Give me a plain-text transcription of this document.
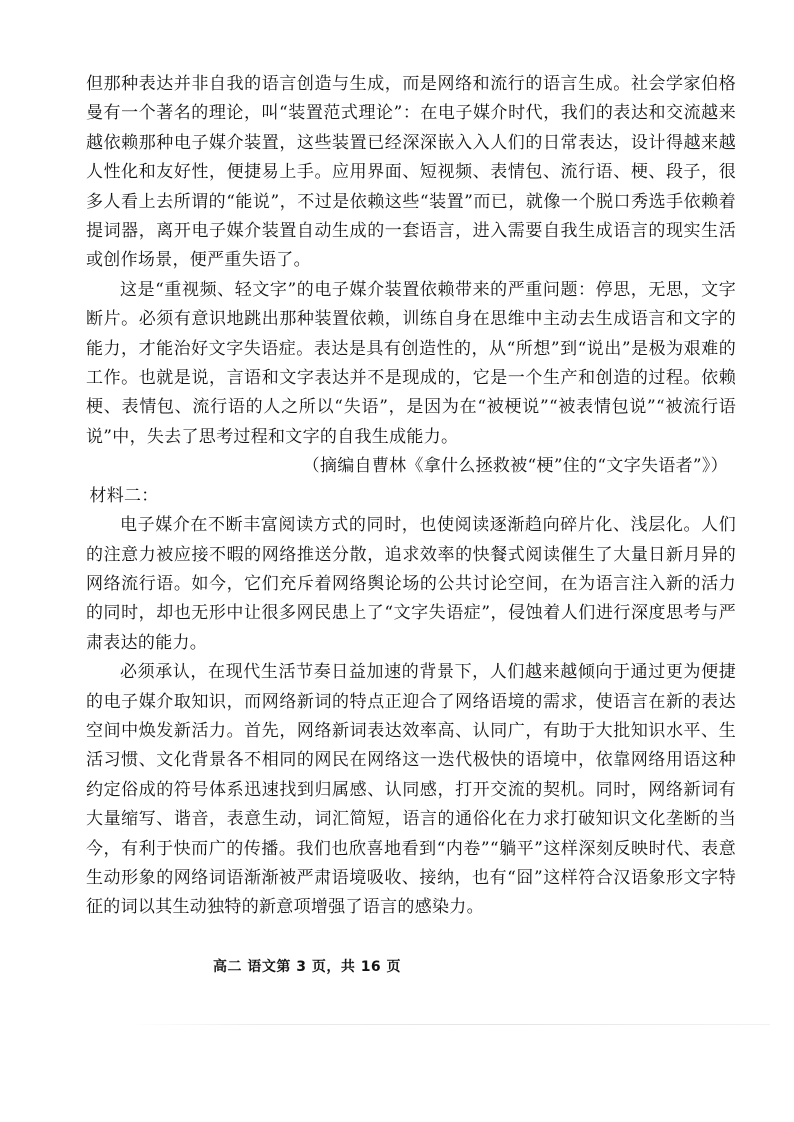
但那种表达并非自我的语言创造与生成，而是网络和流行的语言生成。社会学家伯格曼有一个著名的理论，叫“装置范式理论”：在电子媒介时代，我们的表达和交流越来越依赖那种电子媒介装置，这些装置已经深深嵌入入人们的日常表达，设计得越来越人性化和友好性，便捷易上手。应用界面、短视频、表情包、流行语、梗、段子，很多人看上去所谓的“能说”，不过是依赖这些“装置”而已，就像一个脱口秀选手依赖着提词器，离开电子媒介装置自动生成的一套语言，进入需要自我生成语言的现实生活或创作场景，便严重失语了。

这是“重视频、轻文字”的电子媒介装置依赖带来的严重问题：停思，无思，文字断片。必须有意识地跳出那种装置依赖，训练自身在思维中主动去生成语言和文字的能力，才能治好文字失语症。表达是具有创造性的，从“所想”到“说出”是极为艰难的工作。也就是说，言语和文字表达并不是现成的，它是一个生产和创造的过程。依赖梗、表情包、流行语的人之所以“失语”，是因为在“被梗说”“被表情包说”“被流行语说”中，失去了思考过程和文字的自我生成能力。

（摘编自曹林《拿什么拯救被“梗”住的“文字失语者”》）

材料二：

电子媒介在不断丰富阅读方式的同时，也使阅读逐渐趋向碎片化、浅层化。人们的注意力被应接不暇的网络推送分散，追求效率的快餐式阅读催生了大量日新月异的网络流行语。如今，它们充斥着网络舆论场的公共讨论空间，在为语言注入新的活力的同时，却也无形中让很多网民患上了“文字失语症”，侵蚀着人们进行深度思考与严肃表达的能力。

必须承认，在现代生活节奏日益加速的背景下，人们越来越倾向于通过更为便捷的电子媒介取知识，而网络新词的特点正迎合了网络语境的需求，使语言在新的表达空间中焕发新活力。首先，网络新词表达效率高、认同广，有助于大批知识水平、生活习惯、文化背景各不相同的网民在网络这一迭代极快的语境中，依靠网络用语这种约定俗成的符号体系迅速找到归属感、认同感，打开交流的契机。同时，网络新词有大量缩写、谐音，表意生动，词汇简短，语言的通俗化在力求打破知识文化垄断的当今，有利于快而广的传播。我们也欣喜地看到“内卷”“躺平”这样深刻反映时代、表意生动形象的网络词语渐渐被严肃语境吸收、接纳，也有“囧”这样符合汉语象形文字特征的词以其生动独特的新意项增强了语言的感染力。

高二 语文第 3 页，共 16 页
